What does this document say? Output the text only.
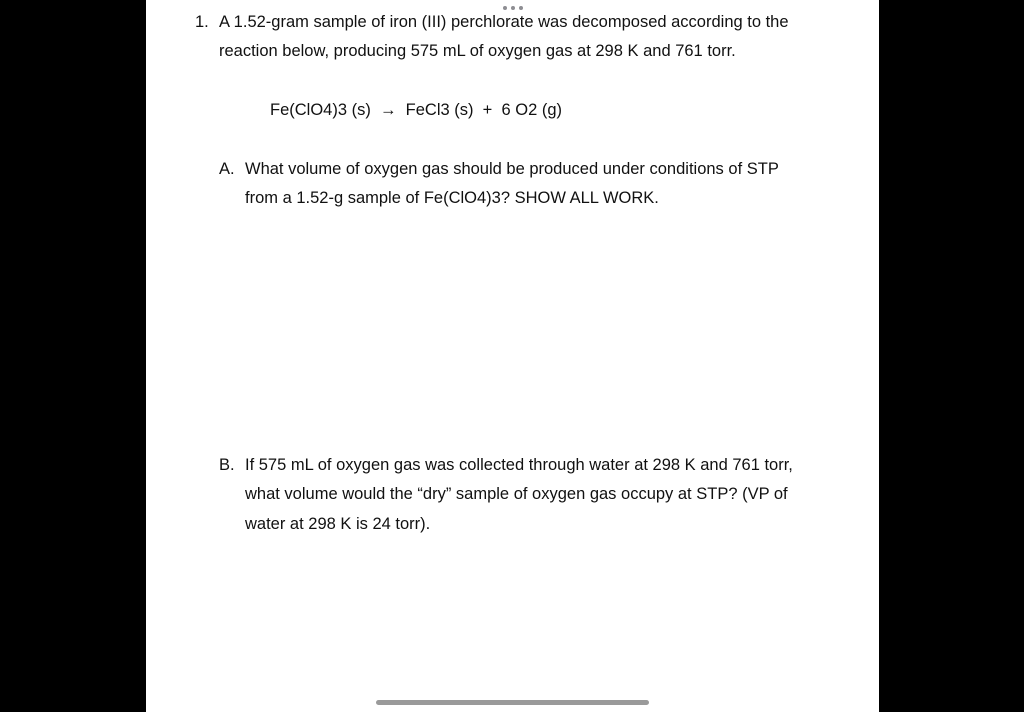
1. A 1.52-gram sample of iron (III) perchlorate was decomposed according to the
reaction below, producing 575 mL of oxygen gas at 298 K and 761 torr.
Fe(ClO4)3 (s)  →  FeCl3 (s)  +  6 O2 (g)
A. What volume of oxygen gas should be produced under conditions of STP
from a 1.52-g sample of Fe(ClO4)3? SHOW ALL WORK.
B. If 575 mL of oxygen gas was collected through water at 298 K and 761 torr,
what volume would the “dry” sample of oxygen gas occupy at STP? (VP of
water at 298 K is 24 torr).
